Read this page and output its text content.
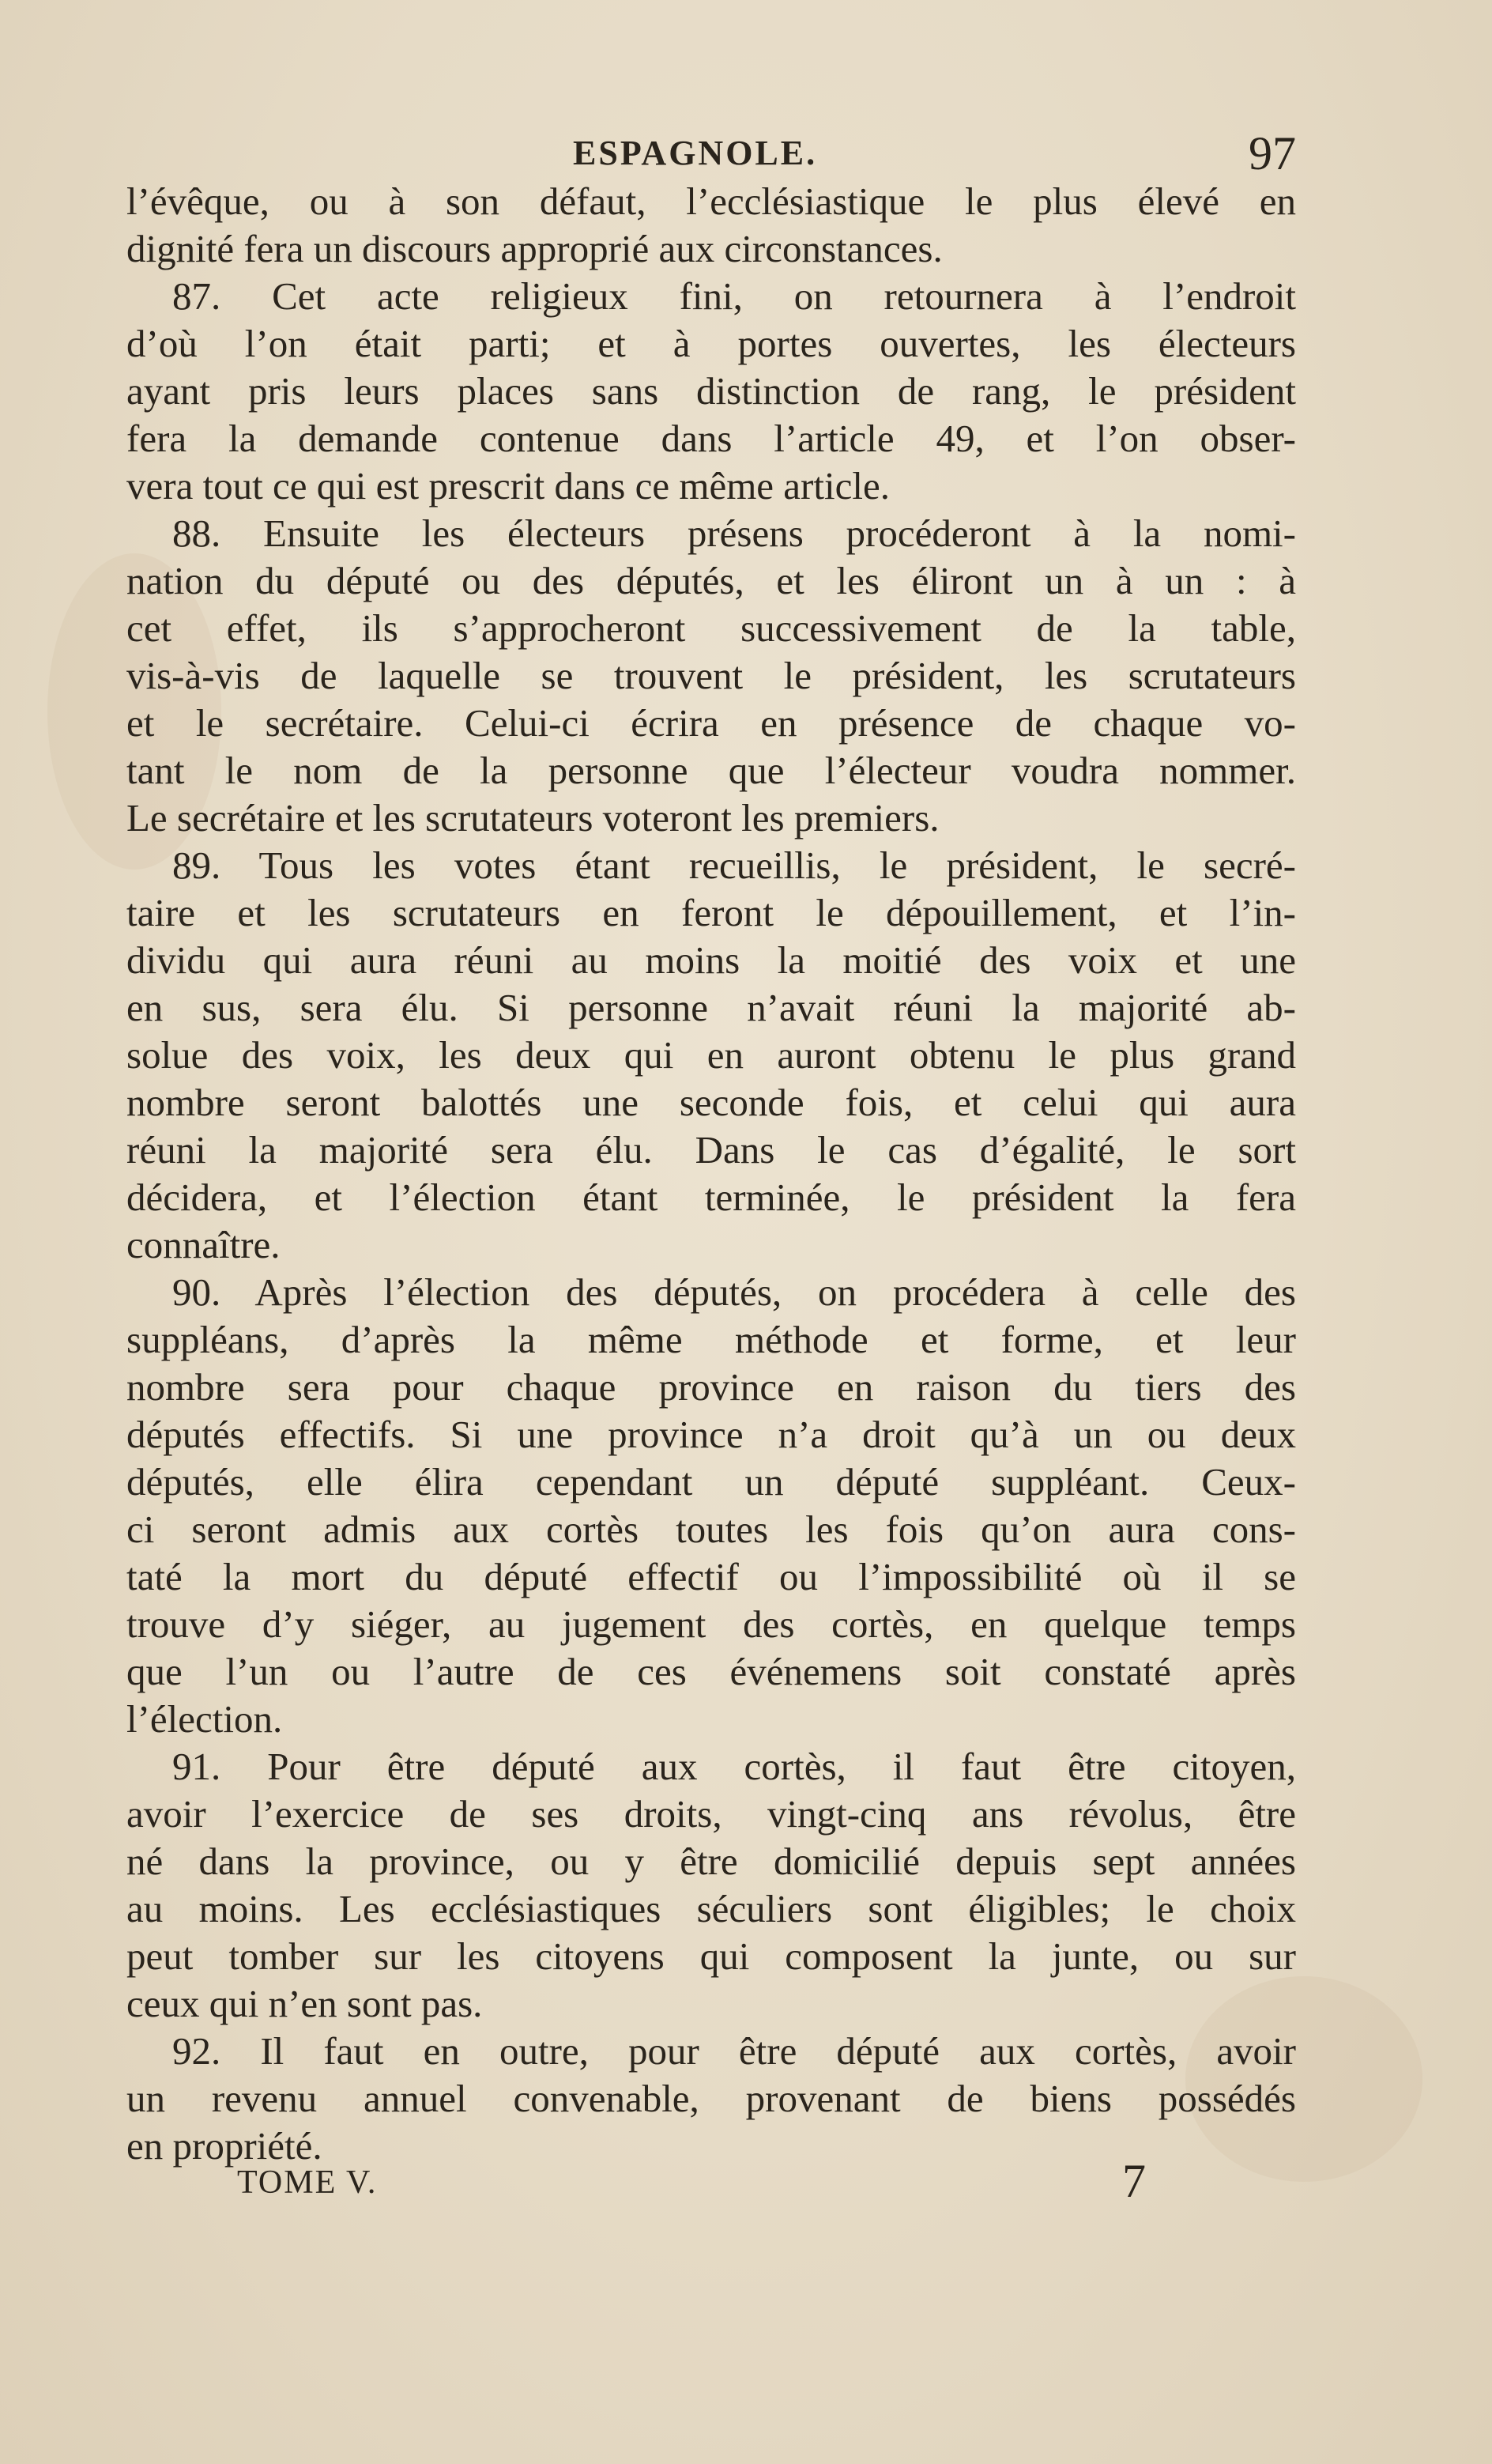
ESPAGNOLE.	97
l’évêque, ou à son défaut, l’ecclésiastique le plus élevé en
dignité fera un discours approprié aux circonstances.
87. Cet acte religieux fini, on retournera à l’endroit
d’où l’on était parti; et à portes ouvertes, les électeurs
ayant pris leurs places sans distinction de rang, le président
fera la demande contenue dans l’article 49, et l’on obser-
vera tout ce qui est prescrit dans ce même article.
88. Ensuite les électeurs présens procéderont à la nomi-
nation du député ou des députés, et les éliront un à un : à
cet effet, ils s’approcheront successivement de la table,
vis-à-vis de laquelle se trouvent le président, les scrutateurs
et le secrétaire. Celui-ci écrira en présence de chaque vo-
tant le nom de la personne que l’électeur voudra nommer.
Le secrétaire et les scrutateurs voteront les premiers.
89. Tous les votes étant recueillis, le président, le secré-
taire et les scrutateurs en feront le dépouillement, et l’in-
dividu qui aura réuni au moins la moitié des voix et une
en sus, sera élu. Si personne n’avait réuni la majorité ab-
solue des voix, les deux qui en auront obtenu le plus grand
nombre seront balottés une seconde fois, et celui qui aura
réuni la majorité sera élu. Dans le cas d’égalité, le sort
décidera, et l’élection étant terminée, le président la fera
connaître.
90. Après l’élection des députés, on procédera à celle des
suppléans, d’après la même méthode et forme, et leur
nombre sera pour chaque province en raison du tiers des
députés effectifs. Si une province n’a droit qu’à un ou deux
députés, elle élira cependant un député suppléant. Ceux-
ci seront admis aux cortès toutes les fois qu’on aura cons-
taté la mort du député effectif ou l’impossibilité où il se
trouve d’y siéger, au jugement des cortès, en quelque temps
que l’un ou l’autre de ces événemens soit constaté après
l’élection.
91. Pour être député aux cortès, il faut être citoyen,
avoir l’exercice de ses droits, vingt-cinq ans révolus, être
né dans la province, ou y être domicilié depuis sept années
au moins. Les ecclésiastiques séculiers sont éligibles; le choix
peut tomber sur les citoyens qui composent la junte, ou sur
ceux qui n’en sont pas.
92. Il faut en outre, pour être député aux cortès, avoir
un revenu annuel convenable, provenant de biens possédés
en propriété.
TOME V.	7
